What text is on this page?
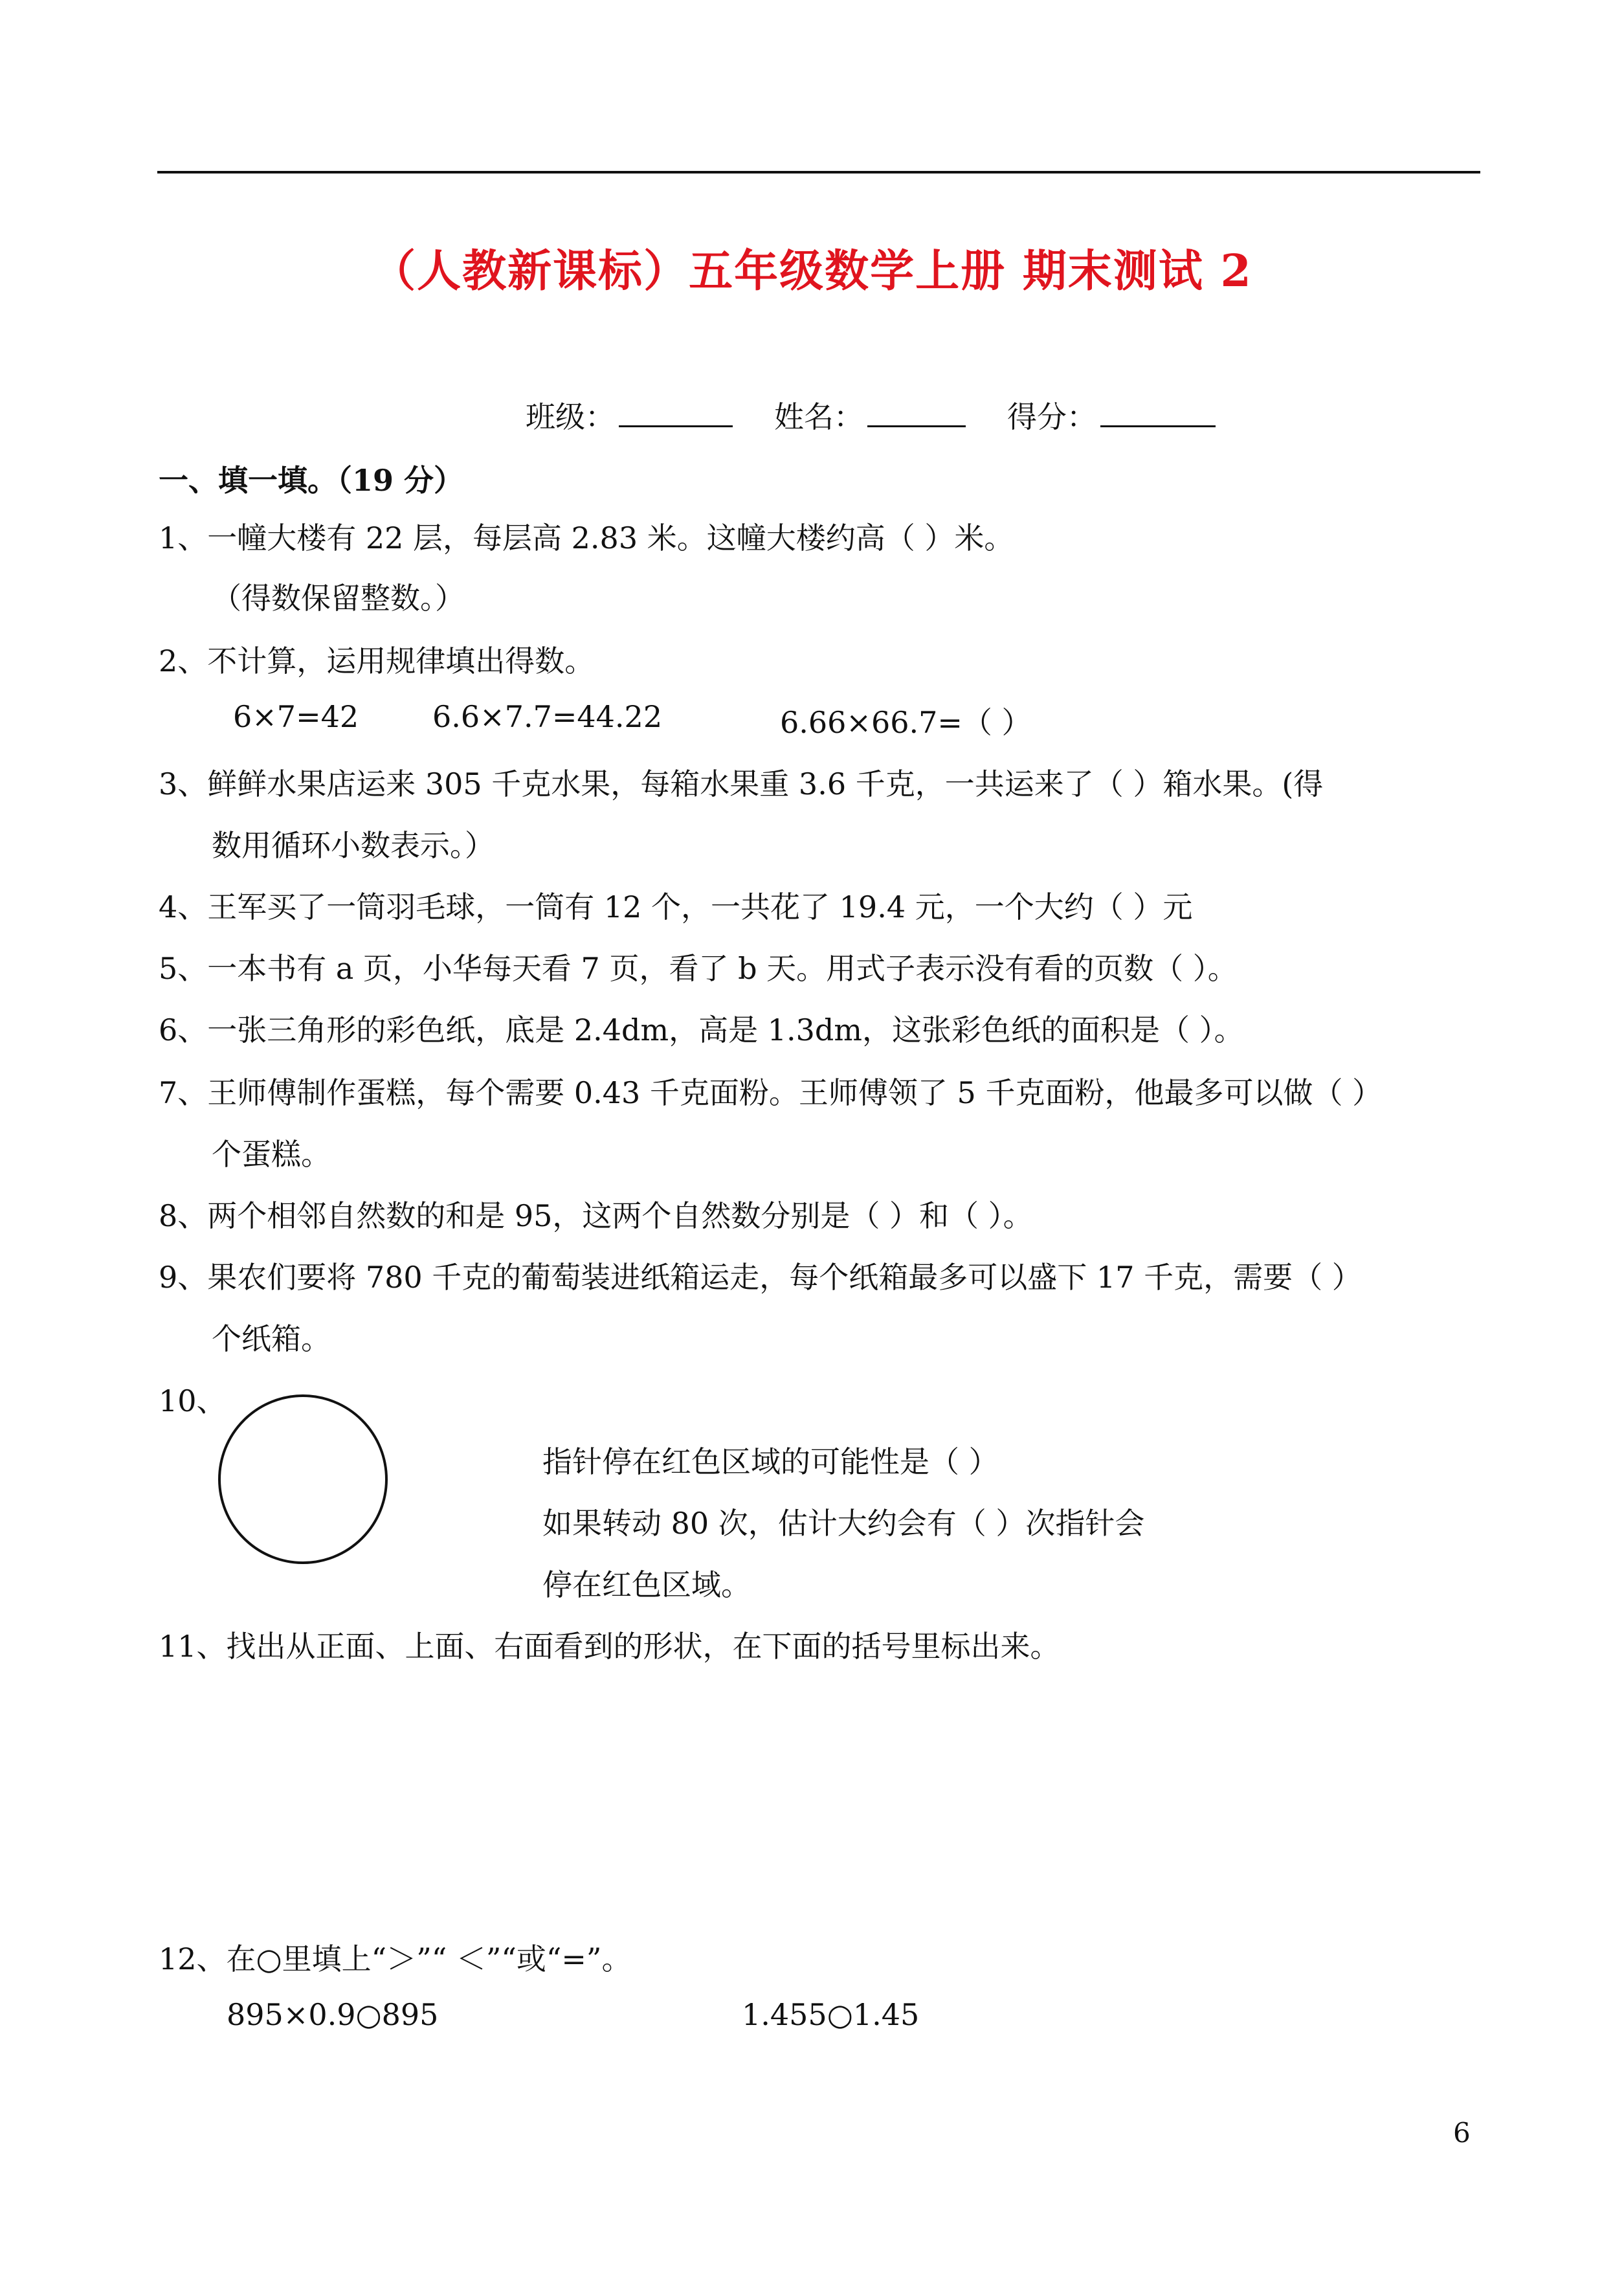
（人教新课标）五年级数学上册 期末测试 2
班级：	姓名：	得分：
一、填一填。（19 分）
1、一幢大楼有 22 层，每层高 2.83 米。这幢大楼约高（ ）米。
（得数保留整数。）
2、不计算，运用规律填出得数。
6×7=42 6.6×7.7=44.22	6.66×66.7=（ ）
3、鲜鲜水果店运来 305 千克水果，每箱水果重 3.6 千克，一共运来了（ ）箱水果。(得
数用循环小数表示。）
4、王军买了一筒羽毛球，一筒有 12 个，一共花了 19.4 元，一个大约（ ）元
5、一本书有 a 页，小华每天看 7 页，看了 b 天。用式子表示没有看的页数（ ）。
6、一张三角形的彩色纸，底是 2.4dm，高是 1.3dm，这张彩色纸的面积是（ ）。
7、王师傅制作蛋糕，每个需要 0.43 千克面粉。王师傅领了 5 千克面粉，他最多可以做（ ）
个蛋糕。
8、两个相邻自然数的和是 95，这两个自然数分别是（ ）和（ ）。
9、果农们要将 780 千克的葡萄装进纸箱运走，每个纸箱最多可以盛下 17 千克，需要（ ）
个纸箱。
10、
指针停在红色区域的可能性是（ ）
如果转动 80 次，估计大约会有（ ）次指针会
停在红色区域。
11、找出从正面、上面、右面看到的形状，在下面的括号里标出来。
12、在○里填上“＞”“ ＜”“或“=”。
895×0.9○895	1.455○1.45
6
